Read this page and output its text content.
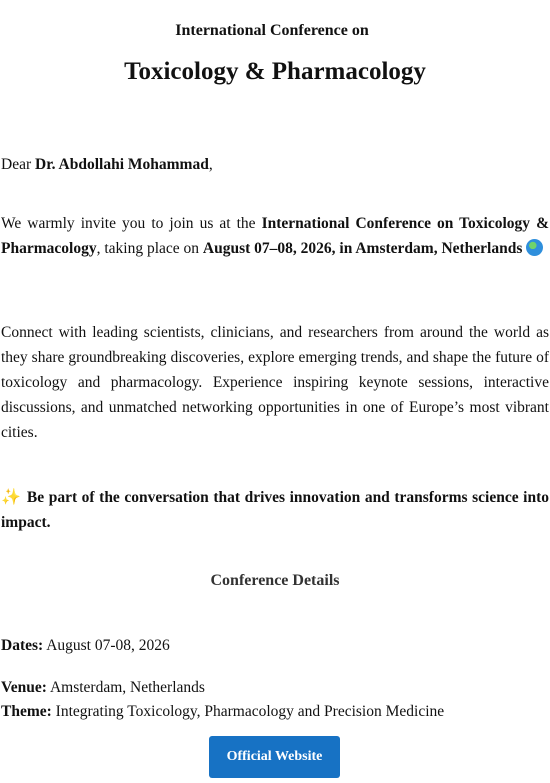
International Conference on
Toxicology & Pharmacology
Dear Dr. Abdollahi Mohammad,
We warmly invite you to join us at the International Conference on Toxicology & Pharmacology, taking place on August 07–08, 2026, in Amsterdam, Netherlands
Connect with leading scientists, clinicians, and researchers from around the world as they share groundbreaking discoveries, explore emerging trends, and shape the future of toxicology and pharmacology. Experience inspiring keynote sessions, interactive discussions, and unmatched networking opportunities in one of Europe’s most vibrant cities.
✨ Be part of the conversation that drives innovation and transforms science into impact.
Conference Details
Dates: August 07-08, 2026
Venue: Amsterdam, Netherlands
Theme: Integrating Toxicology, Pharmacology and Precision Medicine
Official Website
